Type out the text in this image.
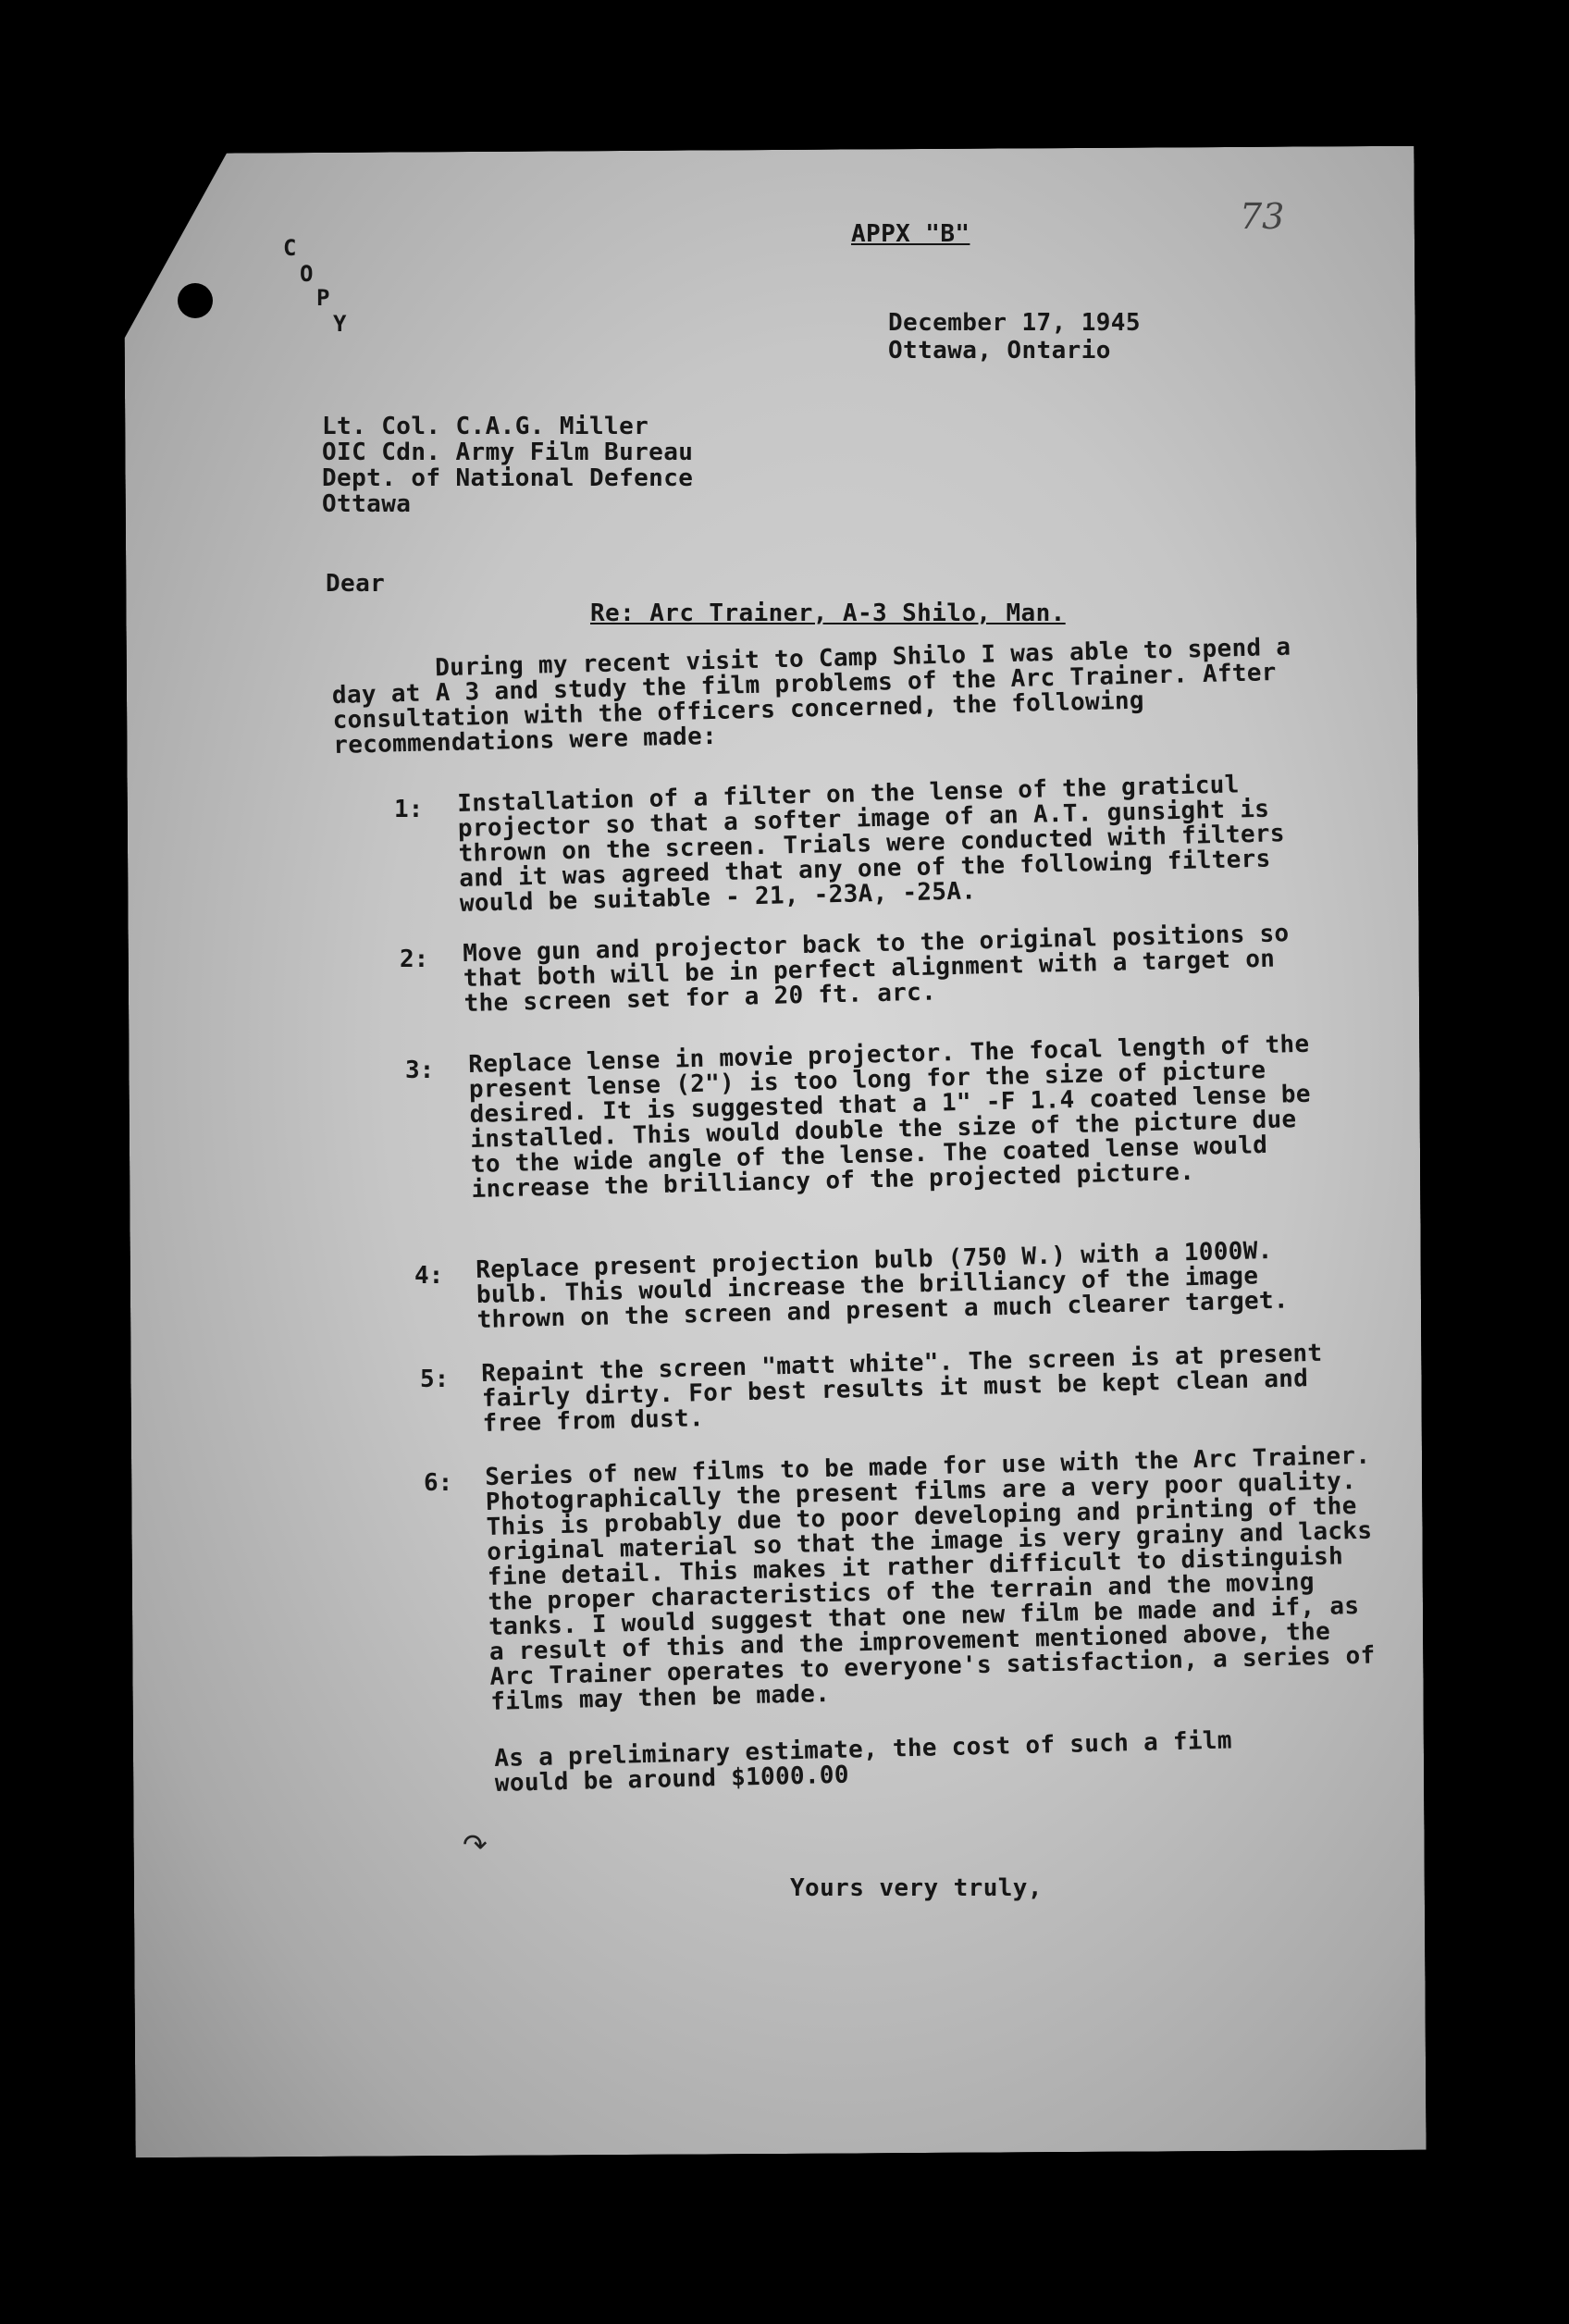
C
O
P
Y
73
APPX "B"
December 17, 1945
Ottawa, Ontario
Lt. Col. C.A.G. Miller
OIC Cdn. Army Film Bureau
Dept. of National Defence
Ottawa
Dear
Re: Arc Trainer, A-3 Shilo, Man.
During my recent visit to Camp Shilo I was able to spend a day at A 3 and study the film problems of the Arc Trainer. After consultation with the officers concerned, the following recommendations were made:
1: Installation of a filter on the lense of the graticul projector so that a softer image of an A.T. gunsight is thrown on the screen. Trials were conducted with filters and it was agreed that any one of the following filters would be suitable - 21, -23A, -25A.
2: Move gun and projector back to the original positions so that both will be in perfect alignment with a target on the screen set for a 20 ft. arc.
3: Replace lense in movie projector. The focal length of the present lense (2") is too long for the size of picture desired. It is suggested that a 1" -F 1.4 coated lense be installed. This would double the size of the picture due to the wide angle of the lense. The coated lense would increase the brilliancy of the projected picture.
4: Replace present projection bulb (750 W.) with a 1000W. bulb. This would increase the brilliancy of the image thrown on the screen and present a much clearer target.
5: Repaint the screen "matt white". The screen is at present fairly dirty. For best results it must be kept clean and free from dust.
6: Series of new films to be made for use with the Arc Trainer. Photographically the present films are a very poor quality. This is probably due to poor developing and printing of the original material so that the image is very grainy and lacks fine detail. This makes it rather difficult to distinguish the proper characteristics of the terrain and the moving tanks. I would suggest that one new film be made and if, as a result of this and the improvement mentioned above, the Arc Trainer operates to everyone's satisfaction, a series of films may then be made.
As a preliminary estimate, the cost of such a film would be around $1000.00
↷
Yours very truly,
